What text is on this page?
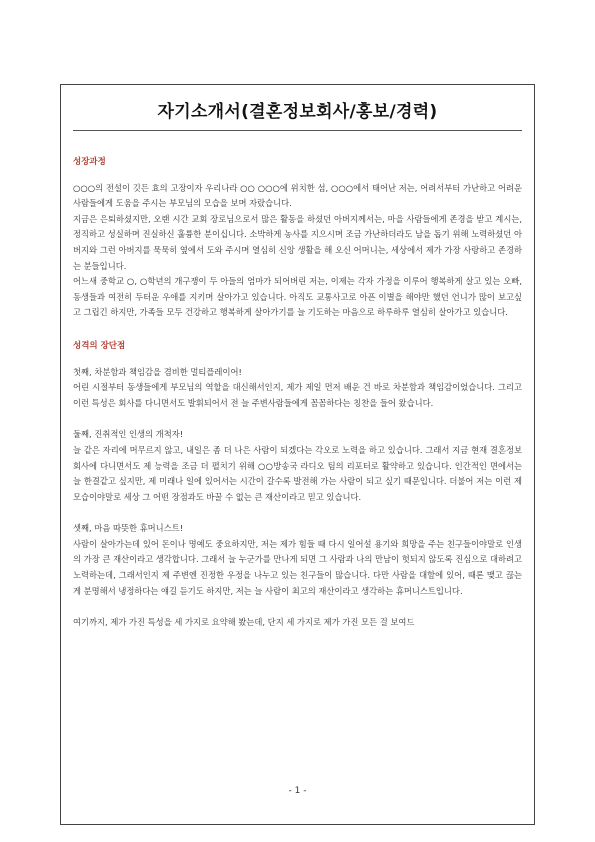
자기소개서(결혼정보회사/홍보/경력)
성장과정

○○○의 전설이 깃든 효의 고장이자 우리나라 ○○ ○○○에 위치한 섬, ○○○에서 태어난 저는, 어려서부터 가난하고 어려운 사람들에게 도움을 주시는 부모님의 모습을 보며 자랐습니다.

지금은 은퇴하셨지만, 오랜 시간 교회 장로님으로서 많은 활동을 하셨던 아버지께서는, 마을 사람들에게 존경을 받고 계시는, 정직하고 성실하며 진실하신 훌륭한 분이십니다. 소박하게 농사를 지으시며 조금 가난하더라도 남을 돕기 위해 노력하셨던 아버지와 그런 아버지를 묵묵히 옆에서 도와 주시며 열심히 신앙 생활을 해 오신 어머니는, 세상에서 제가 가장 사랑하고 존경하는 분들입니다.

어느새 중학교 ○, ○학년의 개구쟁이 두 아들의 엄마가 되어버린 저는, 이제는 각자 가정을 이루어 행복하게 살고 있는 오빠, 동생들과 여전히 두터운 우애를 지키며 살아가고 있습니다. 아직도 교통사고로 아픈 이별을 해야만 했던 언니가 많이 보고싶고 그립긴 하지만, 가족들 모두 건강하고 행복하게 살아가기를 늘 기도하는 마음으로 하루하루 열심히 살아가고 있습니다.

성격의 장단점

첫째, 차분함과 책임감을 겸비한 멀티플레이어!

어린 시절부터 동생들에게 부모님의 역할을 대신해서인지, 제가 제일 먼저 배운 건 바로 차분함과 책임감이었습니다. 그리고 이런 특성은 회사를 다니면서도 발휘되어서 전 늘 주변사람들에게 꼼꼼하다는 칭찬을 들어 왔습니다.

둘째, 진취적인 인생의 개척자!

늘 같은 자리에 머무르지 않고, 내일은 좀 더 나은 사람이 되겠다는 각오로 노력을 하고 있습니다. 그래서 지금 현재 결혼정보회사에 다니면서도 제 능력을 조금 더 펼치기 위해 ○○방송국 라디오 팀의 리포터로 활약하고 있습니다. 인간적인 면에서는 늘 한결같고 싶지만, 제 미래나 일에 있어서는 시간이 갈수록 발전해 가는 사람이 되고 싶기 때문입니다. 더불어 저는 이런 제 모습이야말로 세상 그 어떤 장점과도 바꿀 수 없는 큰 재산이라고 믿고 있습니다.

셋째, 마음 따뜻한 휴머니스트!

사람이 살아가는데 있어 돈이나 명예도 중요하지만, 저는 제가 힘들 때 다시 일어설 용기와 희망을 주는 친구들이야말로 인생의 가장 큰 재산이라고 생각합니다. 그래서 늘 누군가를 만나게 되면 그 사람과 나의 만남이 헛되지 않도록 진심으로 대하려고 노력하는데, 그래서인지 제 주변엔 진정한 우정을 나누고 있는 친구들이 많습니다. 다만 사람을 대함에 있어, 때론 맺고 끊는 게 분명해서 냉정하다는 얘길 듣기도 하지만, 저는 늘 사람이 최고의 재산이라고 생각하는 휴머니스트입니다.

여기까지, 제가 가진 특성을 세 가지로 요약해 봤는데, 단지 세 가지로 제가 가진 모든 걸 보여드

- 1 -
